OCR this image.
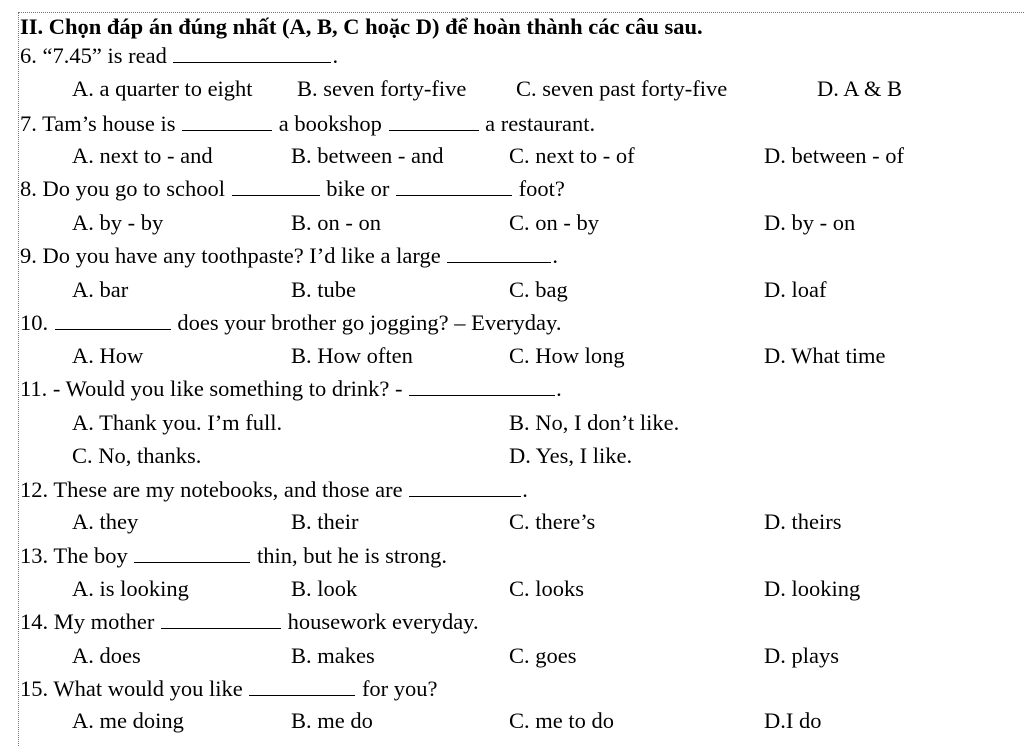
II. Chọn đáp án đúng nhất (A, B, C hoặc D) để hoàn thành các câu sau.
6. “7.45” is read	.
A. a quarter to eight B. seven forty-five C. seven past forty-five	D. A & B
7. Tam’s house is	a bookshop	a restaurant.
A. next to - and	B. between - and	C. next to - of	D. between - of
8. Do you go to school	bike or	foot?
A. by - by	B. on - on	C. on - by	D. by - on
9. Do you have any toothpaste? I’d like a large	.
A. bar	B. tube	C. bag	D. loaf
10.	does your brother go jogging? – Everyday.
A. How	B. How often	C. How long	D. What time
11. - Would you like something to drink? -	.
A. Thank you. I’m full.	B. No, I don’t like.
C. No, thanks.	D. Yes, I like.
12. These are my notebooks, and those are	.
A. they	B. their	C. there’s	D. theirs
13. The boy	thin, but he is strong.
A. is looking	B. look	C. looks	D. looking
14. My mother	housework everyday.
A. does	B. makes	C. goes	D. plays
15. What would you like	for you?
A. me doing	B. me do	C. me to do	D.I do
